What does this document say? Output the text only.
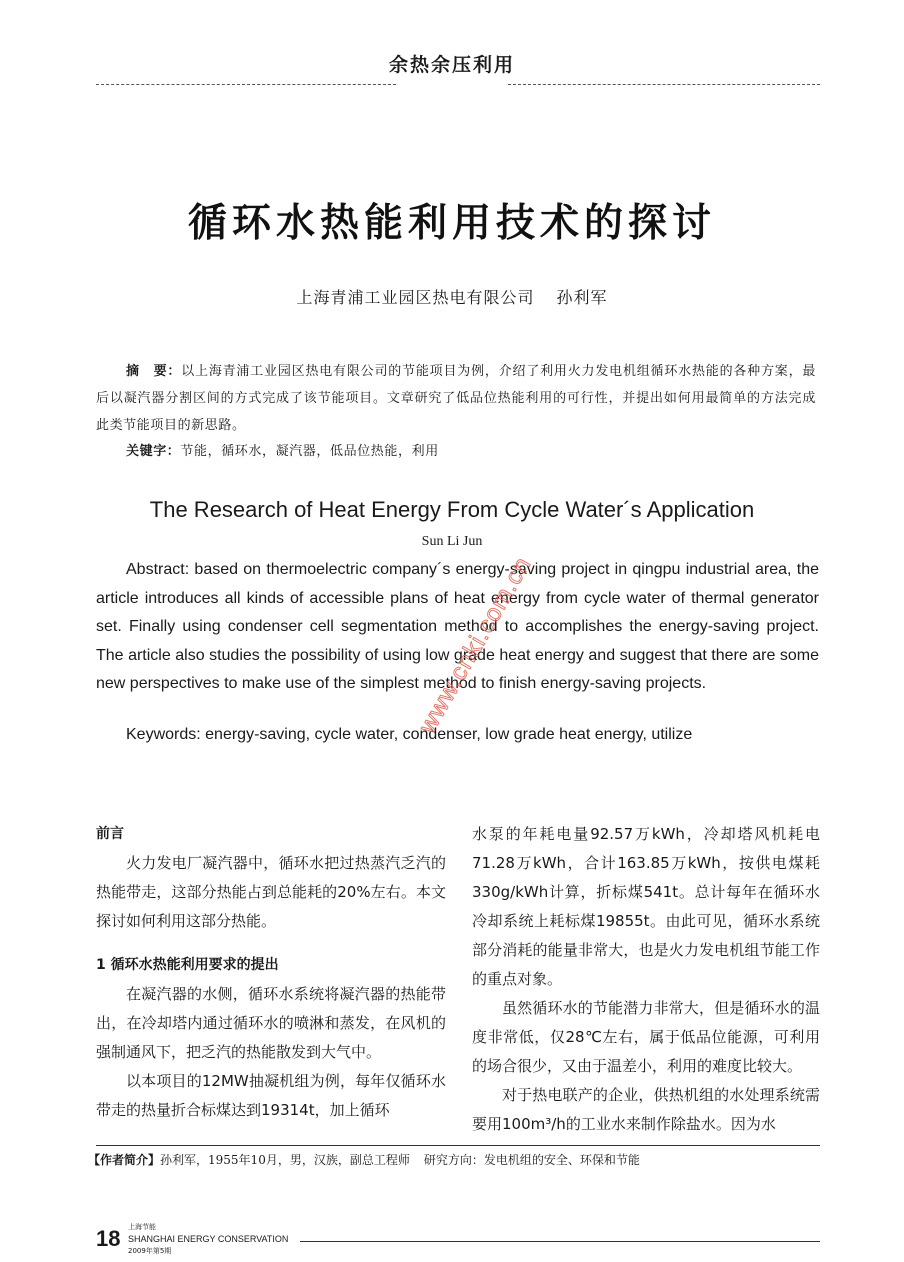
余热余压利用
循环水热能利用技术的探讨
上海青浦工业园区热电有限公司 孙利军
摘　要：以上海青浦工业园区热电有限公司的节能项目为例，介绍了利用火力发电机组循环水热能的各种方案，最后以凝汽器分割区间的方式完成了该节能项目。文章研究了低品位热能利用的可行性，并提出如何用最简单的方法完成此类节能项目的新思路。
关键字：节能，循环水，凝汽器，低品位热能，利用
The Research of Heat Energy From Cycle Water´s Application
Sun Li Jun
Abstract: based on thermoelectric company´s energy-saving project in qingpu industrial area, the article introduces all kinds of accessible plans of heat energy from cycle water of thermal generator set. Finally using condenser cell segmentation method to accomplishes the energy-saving project. The article also studies the possibility of using low grade heat energy and suggest that there are some new perspectives to make use of the simplest method to finish energy-saving projects.
Keywords: energy-saving, cycle water, condenser, low grade heat energy, utilize

前言

火力发电厂凝汽器中，循环水把过热蒸汽乏汽的热能带走，这部分热能占到总能耗的20%左右。本文探讨如何利用这部分热能。

1 循环水热能利用要求的提出

在凝汽器的水侧，循环水系统将凝汽器的热能带出，在冷却塔内通过循环水的喷淋和蒸发，在风机的强制通风下，把乏汽的热能散发到大气中。

以本项目的12MW抽凝机组为例，每年仅循环水带走的热量折合标煤达到19314t，加上循环

水泵的年耗电量92.57万kWh，冷却塔风机耗电71.28万kWh，合计163.85万kWh，按供电煤耗330g/kWh计算，折标煤541t。总计每年在循环水冷却系统上耗标煤19855t。由此可见，循环水系统部分消耗的能量非常大，也是火力发电机组节能工作的重点对象。

虽然循环水的节能潜力非常大，但是循环水的温度非常低，仅28℃左右，属于低品位能源，可利用的场合很少，又由于温差小，利用的难度比较大。

对于热电联产的企业，供热机组的水处理系统需要用100m³/h的工业水来制作除盐水。因为水

【作者简介】孙利军，1955年10月，男，汉族，副总工程师 研究方向：发电机组的安全、环保和节能
18 上海节能
SHANGHAI ENERGY CONSERVATION
2009年第5期
www.cnki.com.cn
